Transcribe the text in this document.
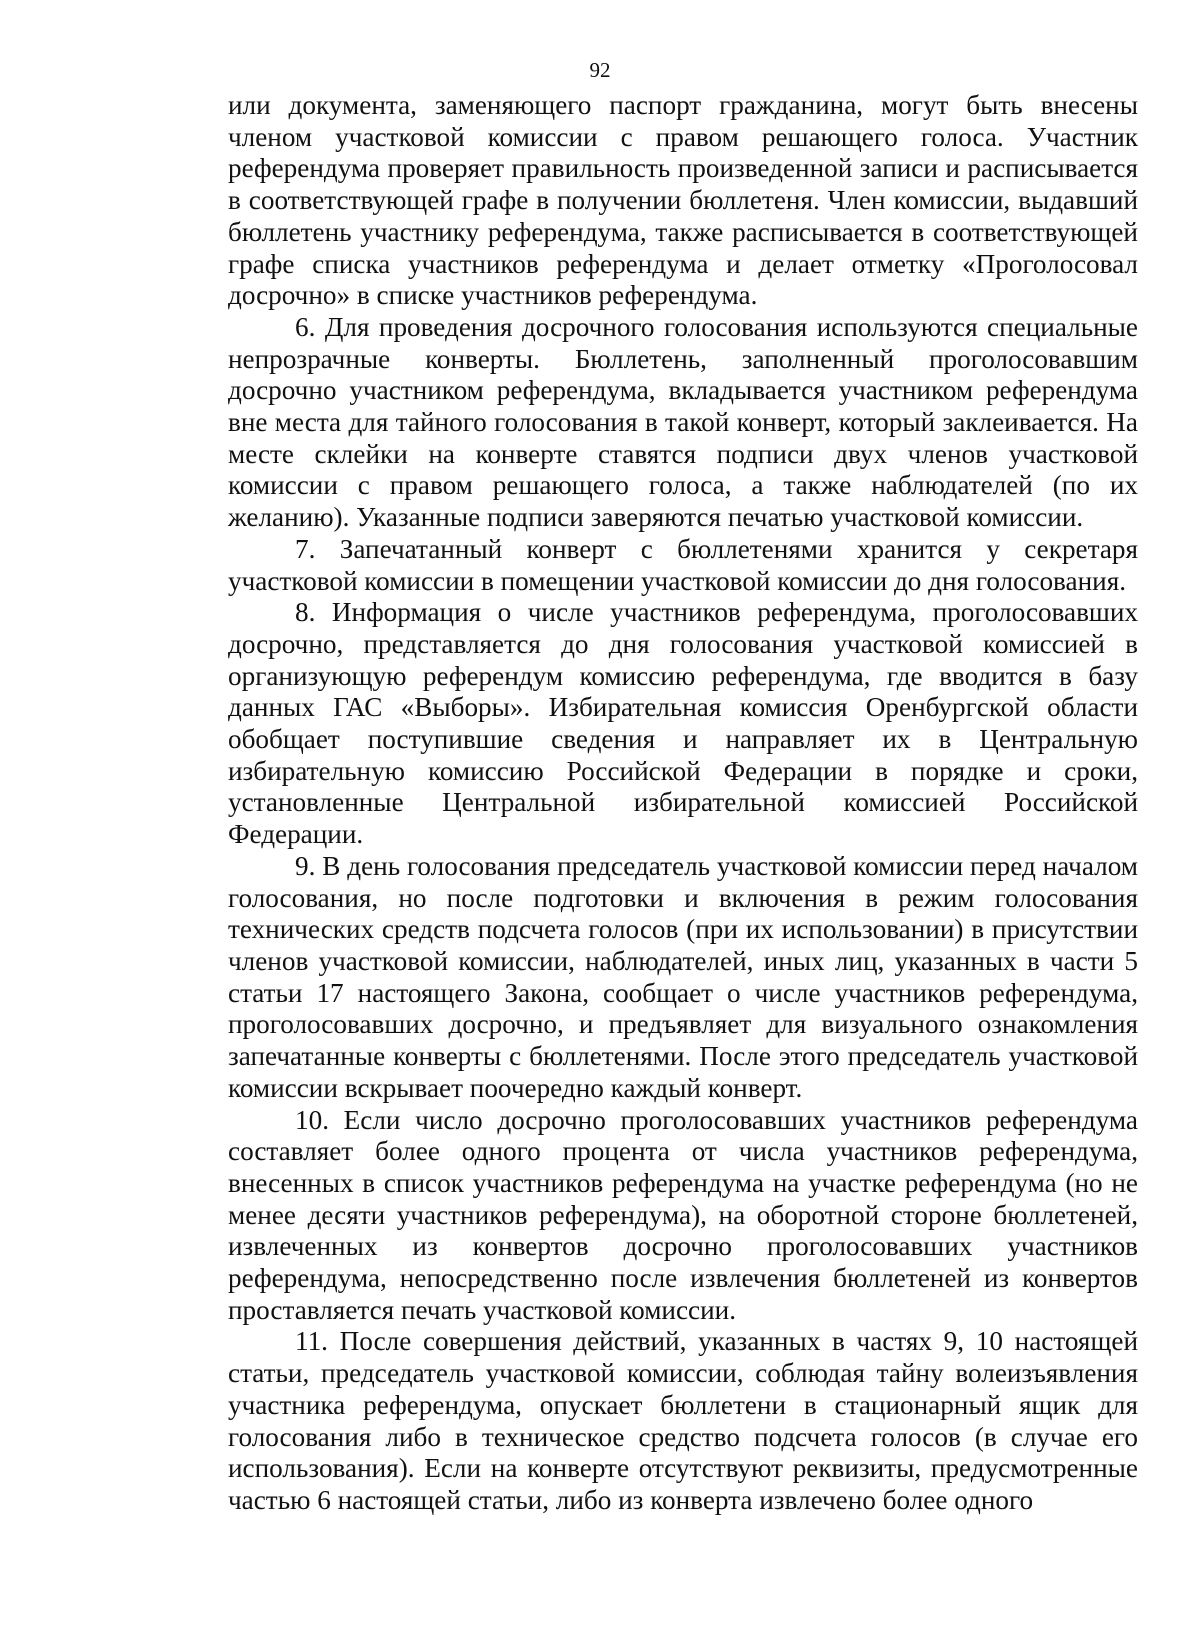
92

или документа, заменяющего паспорт гражданина, могут быть внесены членом участковой комиссии с правом решающего голоса. Участник референдума проверяет правильность произведенной записи и расписывается в соответствующей графе в получении бюллетеня. Член комиссии, выдавший бюллетень участнику референдума, также расписывается в соответствующей графе списка участников референдума и делает отметку «Проголосовал досрочно» в списке участников референдума.

6. Для проведения досрочного голосования используются специальные непрозрачные конверты. Бюллетень, заполненный проголосовавшим досрочно участником референдума, вкладывается участником референдума вне места для тайного голосования в такой конверт, который заклеивается. На месте склейки на конверте ставятся подписи двух членов участковой комиссии с правом решающего голоса, а также наблюдателей (по их желанию). Указанные подписи заверяются печатью участковой комиссии.

7. Запечатанный конверт с бюллетенями хранится у секретаря участковой комиссии в помещении участковой комиссии до дня голосования.

8. Информация о числе участников референдума, проголосовавших досрочно, представляется до дня голосования участковой комиссией в организующую референдум комиссию референдума, где вводится в базу данных ГАС «Выборы». Избирательная комиссия Оренбургской области обобщает поступившие сведения и направляет их в Центральную избирательную комиссию Российской Федерации в порядке и сроки, установленные Центральной избирательной комиссией Российской Федерации.

9. В день голосования председатель участковой комиссии перед началом голосования, но после подготовки и включения в режим голосования технических средств подсчета голосов (при их использовании) в присутствии членов участковой комиссии, наблюдателей, иных лиц, указанных в части 5 статьи 17 настоящего Закона, сообщает о числе участников референдума, проголосовавших досрочно, и предъявляет для визуального ознакомления запечатанные конверты с бюллетенями. После этого председатель участковой комиссии вскрывает поочередно каждый конверт.

10. Если число досрочно проголосовавших участников референдума составляет более одного процента от числа участников референдума, внесенных в список участников референдума на участке референдума (но не менее десяти участников референдума), на оборотной стороне бюллетеней, извлеченных из конвертов досрочно проголосовавших участников референдума, непосредственно после извлечения бюллетеней из конвертов проставляется печать участковой комиссии.

11. После совершения действий, указанных в частях 9, 10 настоящей статьи, председатель участковой комиссии, соблюдая тайну волеизъявления участника референдума, опускает бюллетени в стационарный ящик для голосования либо в техническое средство подсчета голосов (в случае его использования). Если на конверте отсутствуют реквизиты, предусмотренные частью 6 настоящей статьи, либо из конверта извлечено более одного
